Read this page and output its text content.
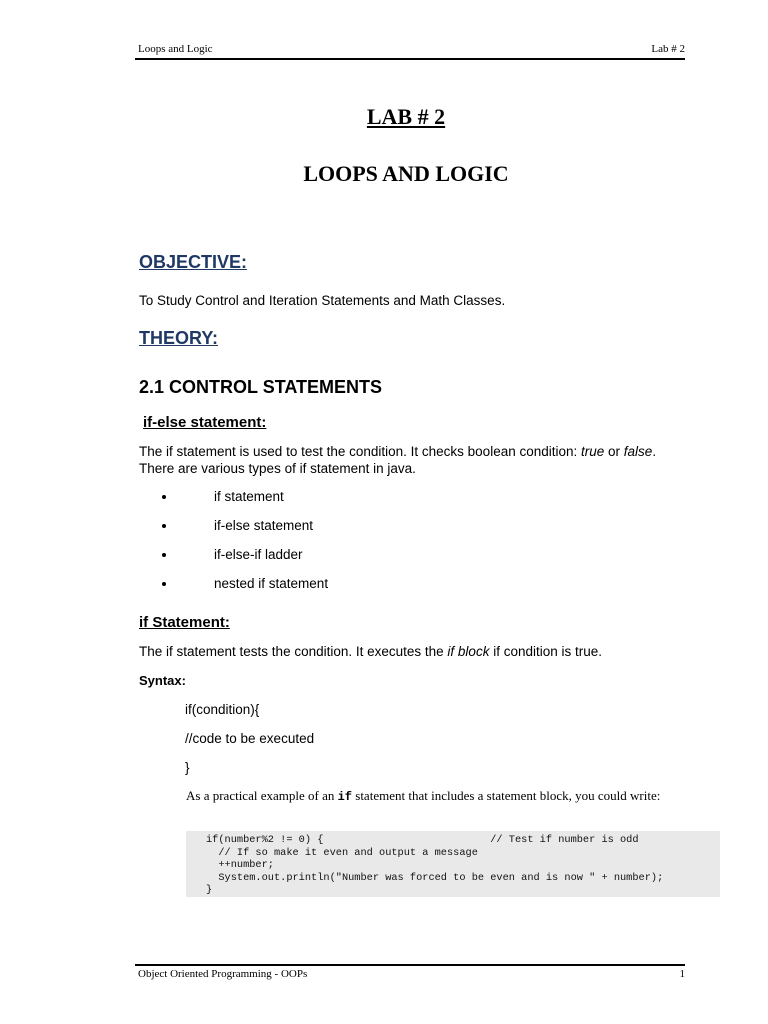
Loops and Logic	Lab # 2
LAB # 2
LOOPS AND LOGIC
OBJECTIVE:
To Study Control and Iteration Statements and Math Classes.
THEORY:
2.1 CONTROL STATEMENTS
if-else statement:
The if statement is used to test the condition. It checks boolean condition: true or false. There are various types of if statement in java.
if statement
if-else statement
if-else-if ladder
nested if statement
if Statement:
The if statement tests the condition. It executes the if block if condition is true.
Syntax:
if(condition){
//code to be executed
}
As a practical example of an if statement that includes a statement block, you could write:
if(number%2 != 0) {                           // Test if number is odd
// If so make it even and output a message
++number;
System.out.println("Number was forced to be even and is now " + number);
}
Object Oriented Programming - OOPs	1
